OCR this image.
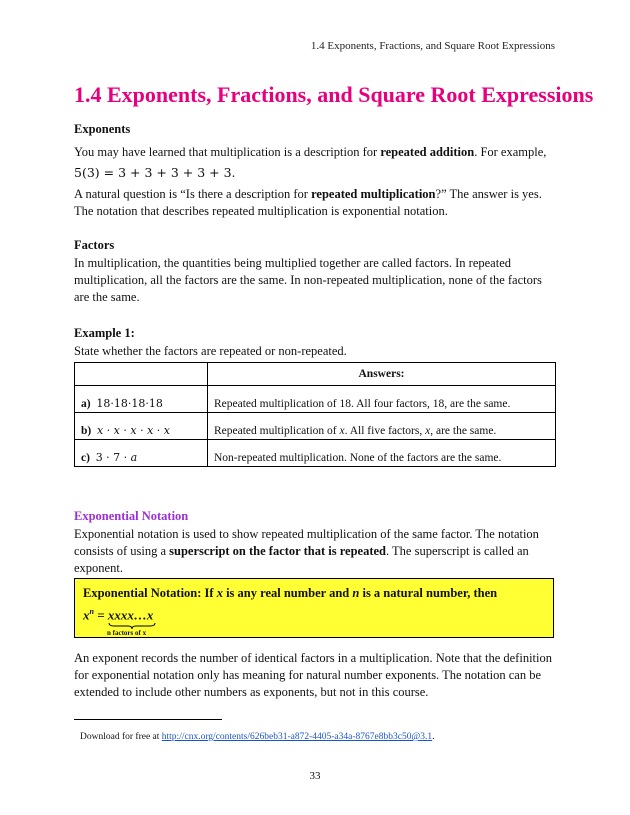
1.4 Exponents, Fractions, and Square Root Expressions
1.4 Exponents, Fractions, and Square Root Expressions
Exponents
You may have learned that multiplication is a description for repeated addition. For example,
5(3) = 3 + 3 + 3 + 3 + 3.
A natural question is “Is there a description for repeated multiplication?” The answer is yes.
The notation that describes repeated multiplication is exponential notation.
Factors
In multiplication, the quantities being multiplied together are called factors. In repeated multiplication, all the factors are the same. In non-repeated multiplication, none of the factors are the same.
Example 1:
State whether the factors are repeated or non-repeated.
	Answers:
a) 18·18·18·18	Repeated multiplication of 18. All four factors, 18, are the same.
b) x · x · x · x · x	Repeated multiplication of x. All five factors, x, are the same.
c) 3 · 7 · a	Non-repeated multiplication. None of the factors are the same.
Exponential Notation
Exponential notation is used to show repeated multiplication of the same factor. The notation consists of using a superscript on the factor that is repeated. The superscript is called an exponent.
Exponential Notation: If x is any real number and n is a natural number, then
$x^n$ = xxxx…x
n factors of x
An exponent records the number of identical factors in a multiplication. Note that the definition for exponential notation only has meaning for natural number exponents. The notation can be extended to include other numbers as exponents, but not in this course.
Download for free at http://cnx.org/contents/626beb31-a872-4405-a34a-8767e8bb3c50@3.1.
33
